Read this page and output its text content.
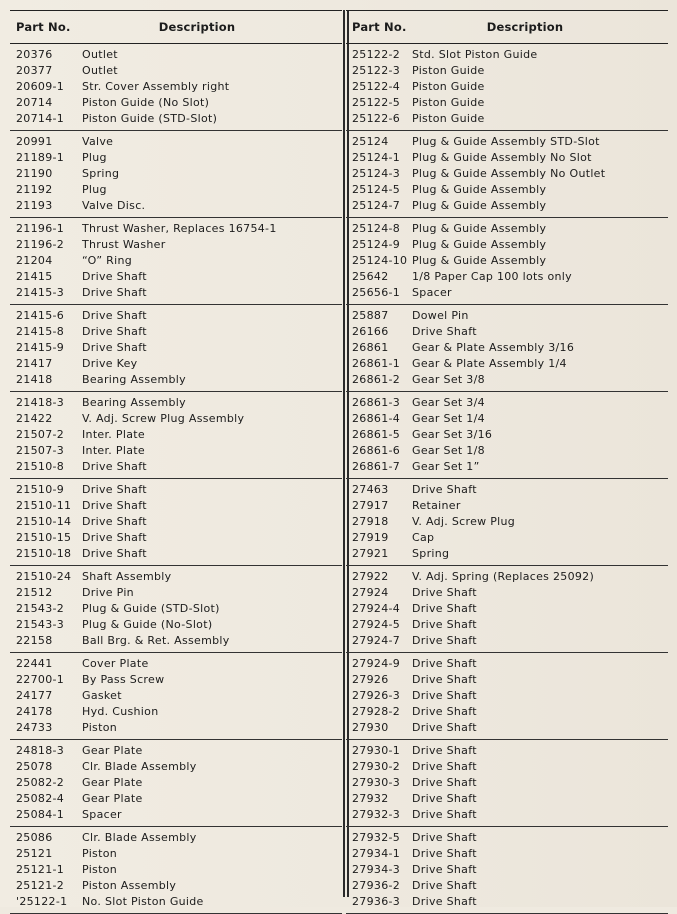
Part No.	Description
20376	Outlet
20377	Outlet
20609-1	Str. Cover Assembly right
20714	Piston Guide (No Slot)
20714-1	Piston Guide (STD-Slot)
20991	Valve
21189-1	Plug
21190	Spring
21192	Plug
21193	Valve Disc.
21196-1	Thrust Washer, Replaces 16754-1
21196-2	Thrust Washer
21204	“O” Ring
21415	Drive Shaft
21415-3	Drive Shaft
21415-6	Drive Shaft
21415-8	Drive Shaft
21415-9	Drive Shaft
21417	Drive Key
21418	Bearing Assembly
21418-3	Bearing Assembly
21422	V. Adj. Screw Plug Assembly
21507-2	Inter. Plate
21507-3	Inter. Plate
21510-8	Drive Shaft
21510-9	Drive Shaft
21510-11 Drive Shaft
21510-14 Drive Shaft
21510-15 Drive Shaft
21510-18 Drive Shaft
21510-24 Shaft Assembly
21512	Drive Pin
21543-2	Plug & Guide (STD-Slot)
21543-3	Plug & Guide (No-Slot)
22158	Ball Brg. & Ret. Assembly
22441	Cover Plate
22700-1	By Pass Screw
24177	Gasket
24178	Hyd. Cushion
24733	Piston
24818-3	Gear Plate
25078	Clr. Blade Assembly
25082-2	Gear Plate
25082-4	Gear Plate
25084-1	Spacer
25086	Clr. Blade Assembly
25121	Piston
25121-1	Piston
25121-2	Piston Assembly
'25122-1	No. Slot Piston Guide
Part No.	Description
25122-2	Std. Slot Piston Guide
25122-3	Piston Guide
25122-4	Piston Guide
25122-5	Piston Guide
25122-6	Piston Guide
25124	Plug & Guide Assembly STD-Slot
25124-1	Plug & Guide Assembly No Slot
25124-3	Plug & Guide Assembly No Outlet
25124-5	Plug & Guide Assembly
25124-7	Plug & Guide Assembly
25124-8	Plug & Guide Assembly
25124-9	Plug & Guide Assembly
25124-10 Plug & Guide Assembly
25642	1/8 Paper Cap 100 lots only
25656-1	Spacer
25887	Dowel Pin
26166	Drive Shaft
26861	Gear & Plate Assembly 3/16
26861-1	Gear & Plate Assembly 1/4
26861-2	Gear Set 3/8
26861-3	Gear Set 3/4
26861-4	Gear Set 1/4
26861-5	Gear Set 3/16
26861-6	Gear Set 1/8
26861-7	Gear Set 1”
27463	Drive Shaft
27917	Retainer
27918	V. Adj. Screw Plug
27919	Cap
27921	Spring
27922	V. Adj. Spring (Replaces 25092)
27924	Drive Shaft
27924-4	Drive Shaft
27924-5	Drive Shaft
27924-7	Drive Shaft
27924-9	Drive Shaft
27926	Drive Shaft
27926-3	Drive Shaft
27928-2	Drive Shaft
27930	Drive Shaft
27930-1	Drive Shaft
27930-2	Drive Shaft
27930-3	Drive Shaft
27932	Drive Shaft
27932-3	Drive Shaft
27932-5	Drive Shaft
27934-1	Drive Shaft
27934-3	Drive Shaft
27936-2	Drive Shaft
27936-3	Drive Shaft
